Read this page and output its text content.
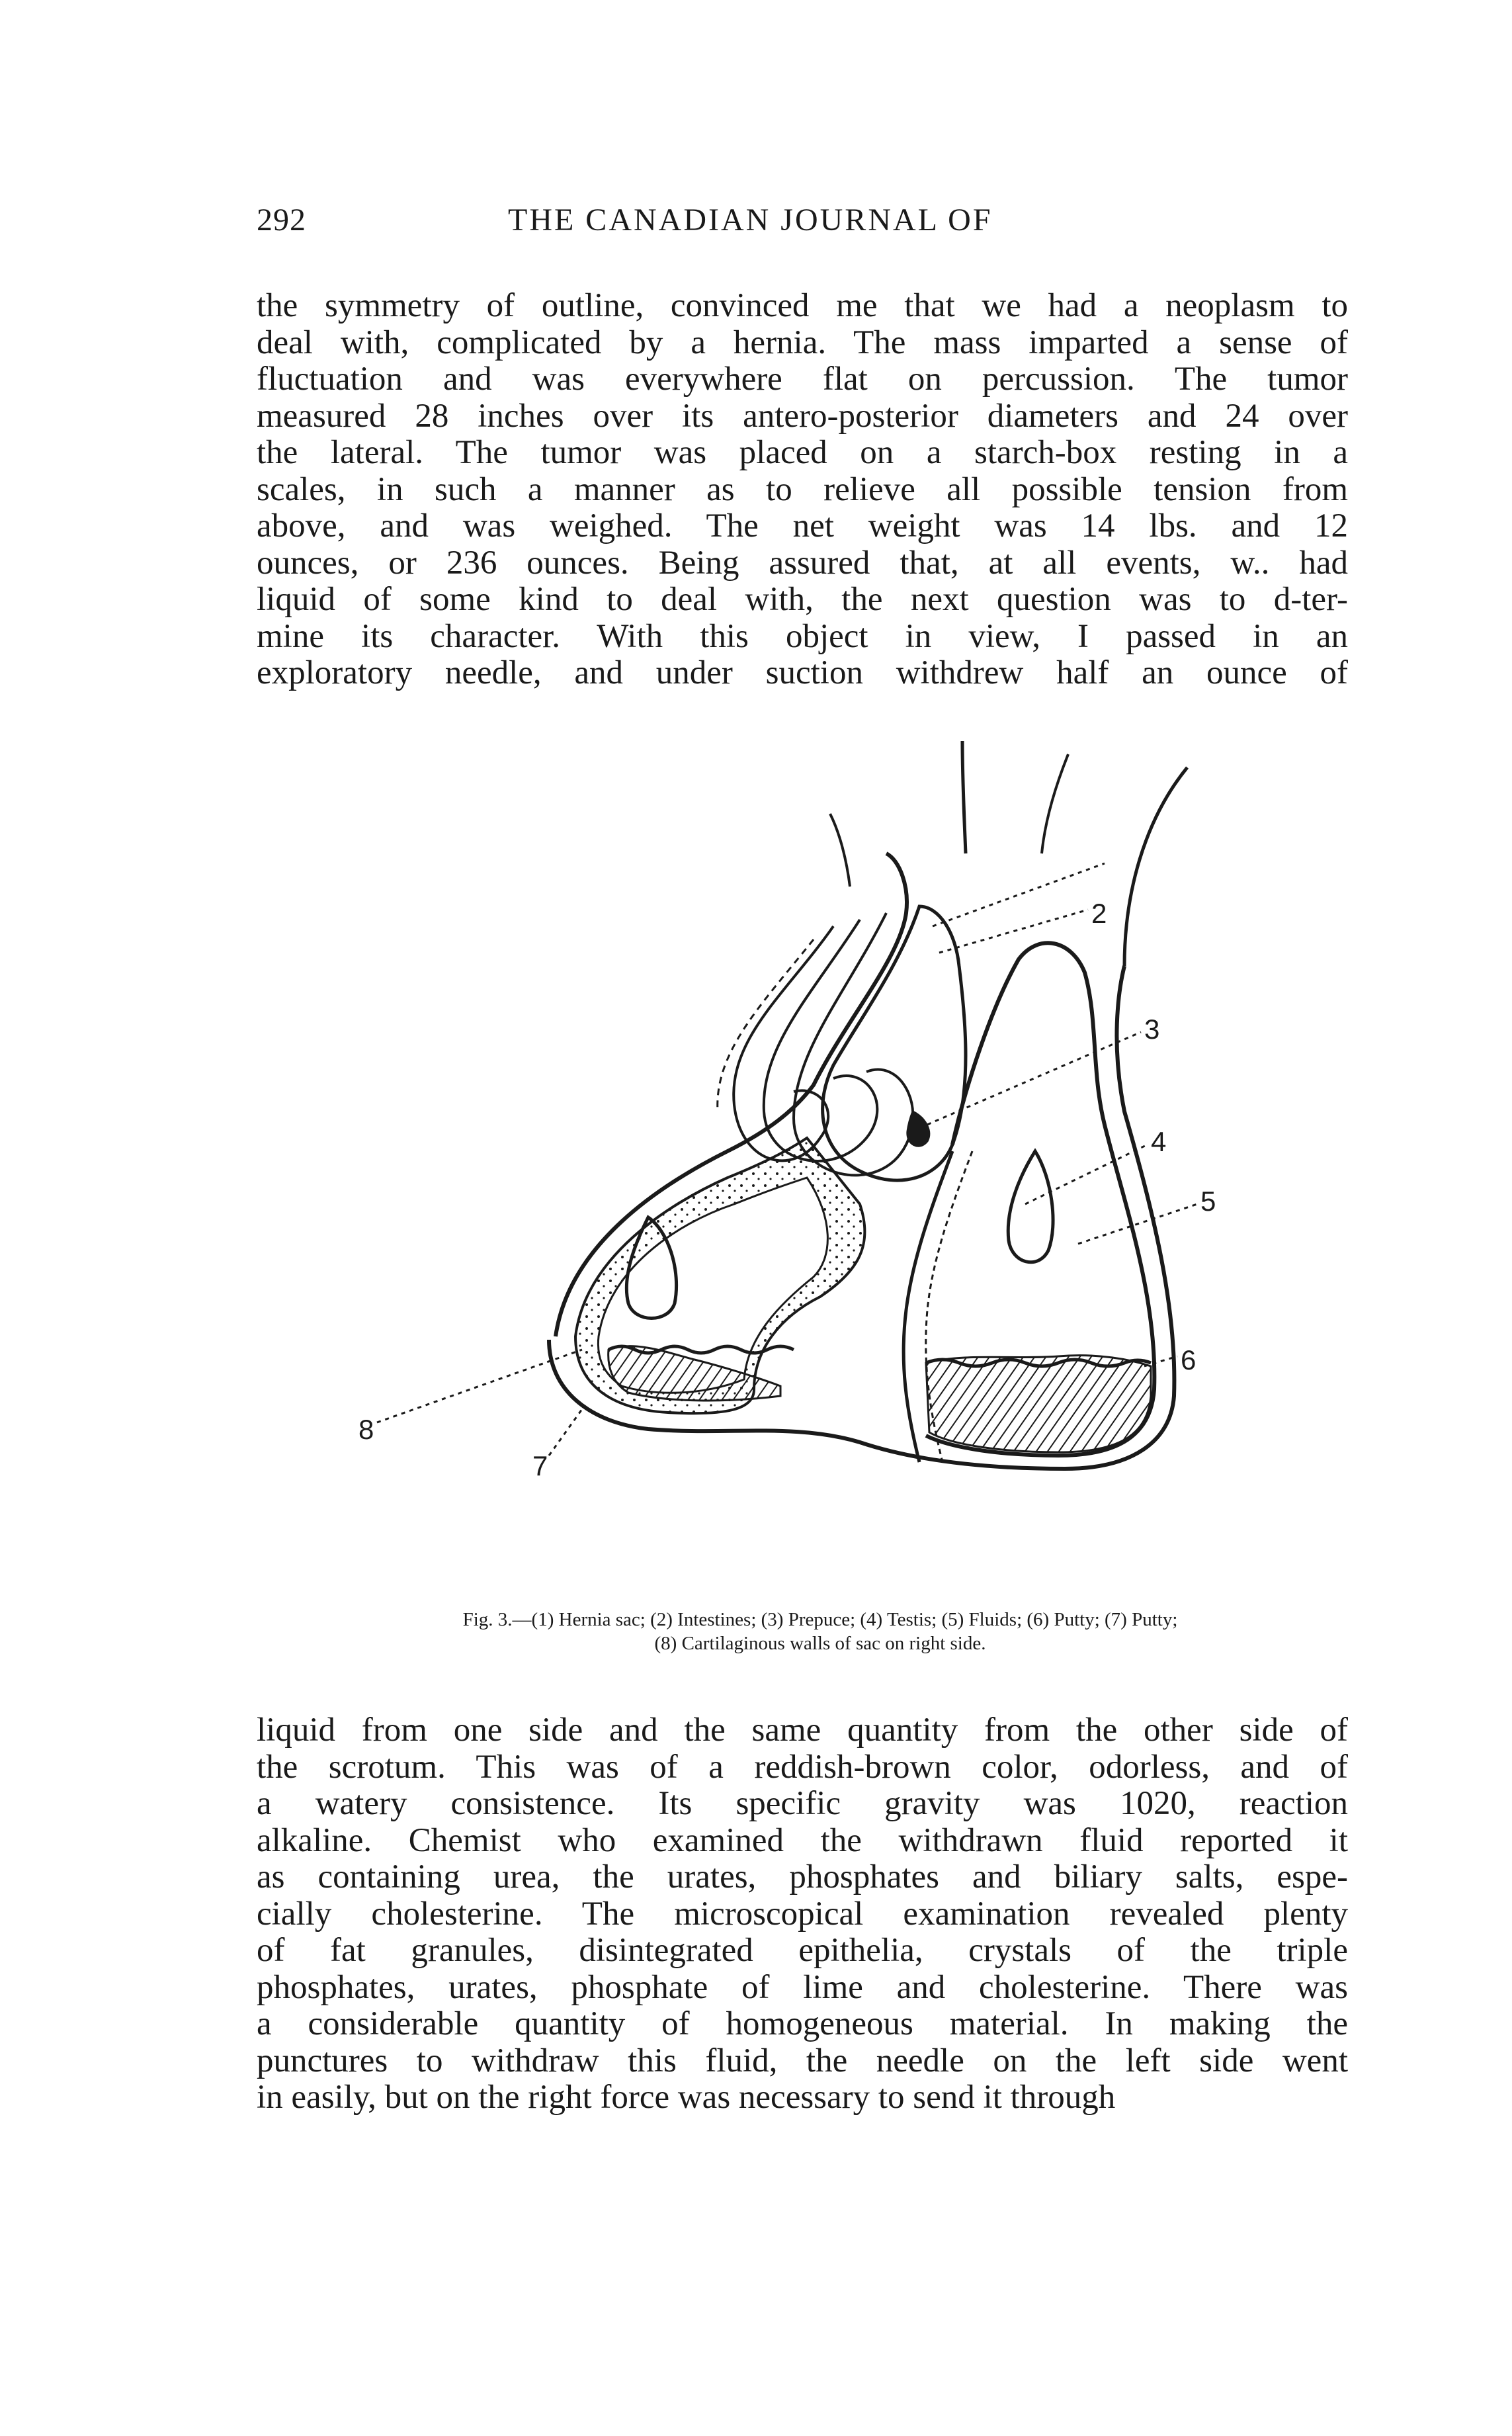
292	THE CANADIAN JOURNAL OF
the symmetry of outline, convinced me that we had a neoplasm to
deal with, complicated by a hernia. The mass imparted a sense of
fluctuation and was everywhere flat on percussion. The tumor
measured 28 inches over its antero-posterior diameters and 24 over
the lateral. The tumor was placed on a starch-box resting in a
scales, in such a manner as to relieve all possible tension from
above, and was weighed. The net weight was 14 lbs. and 12
ounces, or 236 ounces. Being assured that, at all events, w.. had
liquid of some kind to deal with, the next question was to d-ter-
mine its character. With this object in view, I passed in an
exploratory needle, and under suction withdrew half an ounce of
2
3
4
5
6
7
8
Fig. 3.—(1) Hernia sac; (2) Intestines; (3) Prepuce; (4) Testis; (5) Fluids; (6) Putty; (7) Putty;
(8) Cartilaginous walls of sac on right side.
liquid from one side and the same quantity from the other side of
the scrotum. This was of a reddish-brown color, odorless, and of
a watery consistence. Its specific gravity was 1020, reaction
alkaline. Chemist who examined the withdrawn fluid reported it
as containing urea, the urates, phosphates and biliary salts, espe-
cially cholesterine. The microscopical examination revealed plenty
of fat granules, disintegrated epithelia, crystals of the triple
phosphates, urates, phosphate of lime and cholesterine. There was
a considerable quantity of homogeneous material. In making the
punctures to withdraw this fluid, the needle on the left side went
in easily, but on the right force was necessary to send it through
